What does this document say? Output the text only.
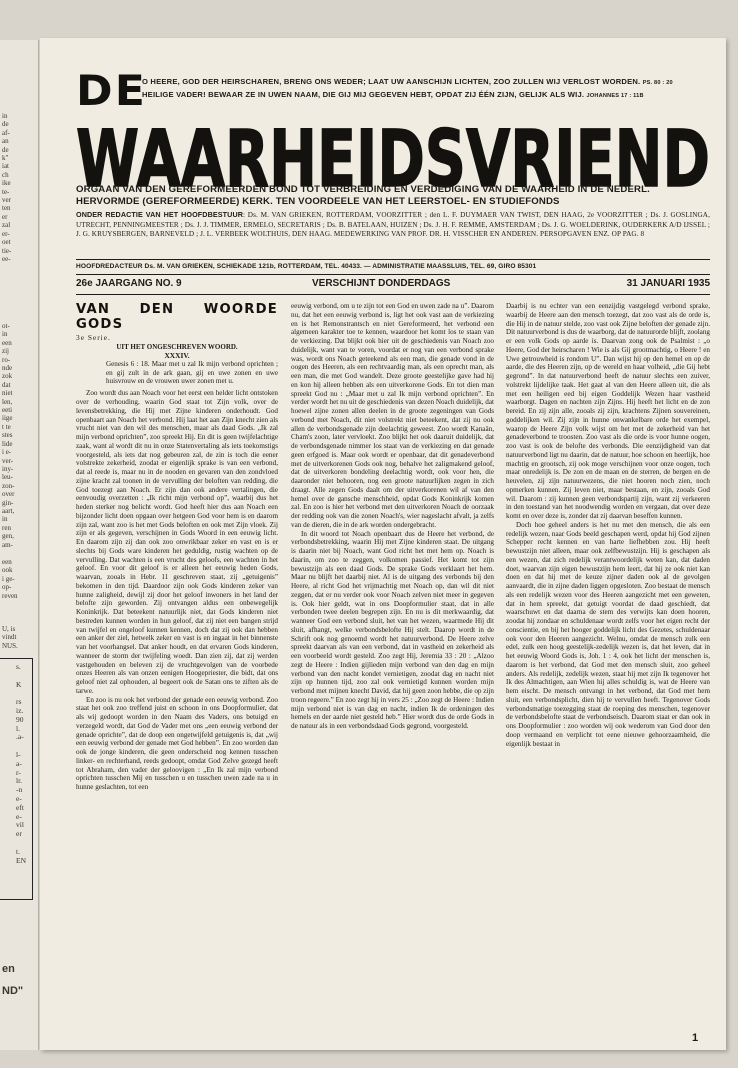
in
de
af-
an
de
k"
iat
ch
ike
te-
ver
ten
er
zal
er-
oet
tie-
ee-
ot-
in
een
zij
ro-
nde
zok
dat
niet
len,
eeti
iige
t te
stes
lide
i e-
ver-
iny-
leu-
zon-
over
gin-
aart,
in
ren
gen,
am-
een
ook
i ge-
op-
reven
U, is
vindt
NUS.
s.

K

rs
iz.
90
l.
.a-

l-
a-
r-
lr.
-n
e-
eft
e-
vil
er

t.
EN
en
ND"
DE
O HEERE, GOD DER HEIRSCHAREN, BRENG ONS WEDER; LAAT UW AANSCHIJN LICHTEN, ZOO ZULLEN WIJ VERLOST WORDEN. PS. 80 : 20
HEILIGE VADER! BEWAAR ZE IN UWEN NAAM, DIE GIJ MIJ GEGEVEN HEBT, OPDAT ZIJ ÉÉN ZIJN, GELIJK ALS WIJ. JOHANNES 17 : 11B
WAARHEIDSVRIEND
ORGAAN VAN DEN GEREFORMEERDEN BOND TOT VERBREIDING EN VERDEDIGING VAN DE WAARHEID IN DE NEDERL. HERVORMDE (GEREFORMEERDE) KERK. TEN VOORDEELE VAN HET LEERSTOEL- EN STUDIEFONDS
ONDER REDACTIE VAN HET HOOFDBESTUUR: Ds. M. VAN GRIEKEN, ROTTERDAM, VOORZITTER ; den L. F. DUYMAER VAN TWIST, DEN HAAG, 2e VOORZITTER ; Ds. J. GOSLINGA, UTRECHT, PENNINGMEESTER ; Ds. J. J. TIMMER, ERMELO, SECRETARIS ; Ds. B. BATELAAN, HUIZEN ; Ds. J. H. F. REMME, AMSTERDAM ; Ds. J. G. WOELDERINK, OUDERKERK A/D IJSSEL ; J. G. KRUYSBERGEN, BARNEVELD ; J. L. VERBEEK WOLTHUIS, DEN HAAG. MEDEWERKING VAN PROF. DR. H. VISSCHER EN ANDEREN. PERSOPGAVEN ENZ. OP PAG. 8
HOOFDREDACTEUR Ds. M. VAN GRIEKEN, SCHIEKADE 121b, ROTTERDAM, TEL. 40433. — ADMINISTRATIE MAASSLUIS, TEL. 69, GIRO 85301
26e JAARGANG NO. 9	VERSCHIJNT DONDERDAGS	31 JANUARI 1935
VAN DEN WOORDE GODS
3e Serie.
UIT HET ONGESCHREVEN WOORD.
XXXIV.

Genesis 6 : 18. Maar met u zal Ik mijn verbond oprichten ; en gij zult in de ark gaan, gij en uwe zonen en uwe huisvrouw en de vrouwen uwer zonen met u.

Zoo wordt dus aan Noach voor het eerst een helder licht ontstoken over de verhouding, waarin God staat tot Zijn volk, over de levensbetrekking, die Hij met Zijne kinderen onderhoudt. God openbaart aan Noach het verbond. Hij laat het aan Zijn knecht zien als vrucht niet van den wil des menschen, maar als daad Gods. „Ik zal mijn verbond oprichten”, zoo spreekt Hij. En dit is geen twijfelachtige zaak, want al wordt dit nu in onze Statenvertaling als iets toekomstigs voorgesteld, als iets dat nog gebeuren zal, de zin is toch die eener volstrekte zekerheid, zoodat er eigenlijk sprake is van een verbond, dat al reede is, maar nu in de nooden en gevaren van den zondvloed zijne kracht zal toonen in de vervulling der beloften van redding, die God toezegt aan Noach. Er zijn dan ook andere vertalingen, die eenvoudig overzetten : „Ik richt mijn verbond op”, waarbij dus het heden sterker nog belicht wordt. God heeft hier dus aan Noach een bijzonder licht doen opgaan over hetgeen God voor hem is en daarom zijn zal, want zoo is het met Gods beloften en ook met Zijn vloek. Zij zijn er als gegeven, verschijnen in Gods Woord in een eeuwig licht. En daarom zijn zij dan ook zoo onwrikbaar zeker en vast en is er slechts bij Gods ware kinderen het geduldig, rustig wachten op de vervulling. Dat wachten is een vrucht des geloofs, een wachten in het geloof. En voor dit geloof is er alleen het eeuwig heden Gods, waarvan, zooals in Hebr. 11 geschreven staat, zij „getuigenis” bekomen in den tijd. Daardoor zijn ook Gods kinderen zeker van hunne zaligheid, dewijl zij door het geloof inwoners in het land der belofte zijn geworden. Zij ontvangen aldus een onbewegelijk Koninkrijk. Dat beteekent natuurlijk niet, dat Gods kinderen niet bestreden kunnen worden in hun geloof, dat zij niet een bangen strijd van twijfel en ongeloof kunnen kennen, doch dat zij ook dan hebben een anker der ziel, hetwelk zeker en vast is en ingaat in het binnenste van het voorhangsel. Dat anker houdt, en dat ervaren Gods kinderen, wanneer de storm der twijfeling woedt. Dan zien zij, dat zij werden vastgehouden en beleven zij de vruchtgevolgen van de voorbede onzes Heeren als van onzen eenigen Hoogepriester, die bidt, dat ons geloof niet zal ophouden, al begeert ook de Satan ons te ziften als de tarwe.

En zoo is nu ook het verbond der genade een eeuwig verbond. Zoo staat het ook zoo treffend juist en schoon in ons Doopformulier, dat als wij gedoopt worden in den Naam des Vaders, ons betuigd en verzegeld wordt, dat God de Vader met ons „een eeuwig verbond der genade oprichte”, dat de doop een ongetwijfeld getuigenis is, dat „wij een eeuwig verbond der genade met God hebben”. En zoo worden dan ook de jonge kinderen, die geen onderscheid nog kennen tusschen linker- en rechterhand, reeds gedoopt, omdat God Zelve gezegd heeft tot Abraham, den vader der geloovigen : „En Ik zal mijn verbond oprichten tusschen Mij en tusschen u en tusschen uwen zade na u in hunne geslachten, tot een

eeuwig verbond, om u te zijn tot een God en uwen zade na u”. Daarom nu, dat het een eeuwig verbond is, ligt het ook vast aan de verkiezing en is het Remonstrantsch en niet Gereformeerd, het verbond een algemeen karakter toe te kennen, waardoor het komt los te staan van de verkiezing. Dat blijkt ook hier uit de geschiedenis van Noach zoo duidelijk, want van te voren, voordat er nog van een verbond sprake was, wordt ons Noach geteekend als een man, die genade vond in de oogen des Heeren, als een rechtvaardig man, als een oprecht man, als een man, die met God wandelt. Deze groote geestelijke gave had hij en kon hij alleen hebben als een uitverkorene Gods. En tot dien man spreekt God nu : „Maar met u zal Ik mijn verbond oprichten”. En verder wordt het nu uit de geschiedenis van dezen Noach duidelijk, dat hoewel zijne zonen allen deelen in de groote zegeningen van Gods verbond met Noach, dit niet volstrekt niet beteekent, dat zij nu ook allen de verbondsgenade zijn deelachtig geweest. Zoo wordt Kanaän, Cham's zoon, later vervloekt. Zoo blijkt het ook daaruit duidelijk, dat de verbondsgenade nimmer los staat van de verkiezing en dat genade geen erfgoed is. Maar ook wordt er openbaar, dat dit genadeverbond met de uitverkorenen Gods ook nog, behalve het zaligmakend geloof, dat de uitverkoren bondeling deelachtig wordt, ook voor hen, die daaronder niet behooren, nog een groote natuurlijken zegen in zich draagt. Alle zegen Gods daalt om der uitverkorenen wil af van den hemel over de gansche menschheid, opdat Gods Koninkrijk komen zal. En zoo is hier het verbond met den uitverkoren Noach de oorzaak der redding ook van die zonen Noach's, wier nageslacht afvalt, ja zelfs van de dieren, die in de ark worden ondergebracht.

In dit woord tot Noach openbaart dus de Heere het verbond, de verbondsbetrekking, waarin Hij met Zijne kinderen staat. De uitgang is daarin niet bij Noach, want God richt het met hem op. Noach is daarin, om zoo te zeggen, volkomen passief. Het komt tot zijn bewustzijn als een daad Gods. De sprake Gods verklaart het hem. Maar nu blijft het daarbij niet. Al is de uitgang des verbonds bij den Heere, al richt God het vrijmachtig met Noach op, dan wil dit niet zeggen, dat er nu verder ook voor Noach zelven niet meer in gegeven is. Ook hier geldt, wat in ons Doopformulier staat, dat in alle verbonden twee deelen begrepen zijn. En nu is dit merkwaardig, dat wanneer God een verbond sluit, het van het wezen, waarmede Hij dit sluit, afhangt, welke verbondsbelofte Hij stelt. Daarop wordt in de Schrift ook nog genoemd wordt het natuurverbond. De Heere zelve spreekt daarvan als van een verbond, dat in vastheid en zekerheid als een voorbeeld wordt gesteld. Zoo zegt Hij, Jeremia 33 : 20 : „Alzoo zegt de Heere : Indien gijlieden mijn verbond van den dag en mijn verbond van den nacht kondet vernietigen, zoodat dag en nacht niet zijn op hunnen tijd, zoo zal ook vernietigd kunnen worden mijn verbond met mijnen knecht David, dat hij geen zoon hebbe, die op zijn troon regeere.” En zoo zegt hij in vers 25 : „Zoo zegt de Heere : Indien mijn verbond niet is van dag en nacht, indien Ik de ordeningen des hemels en der aarde niet gesteld heb.” Hier wordt dus de orde Gods in de natuur als in een verbondsdaad Gods gegrond, voorgesteld.

Daarbij is nu echter van een eenzijdig vastgelegd verbond sprake, waarbij de Heere aan den mensch toezegt, dat zoo vast als de orde is, die Hij in de natuur stelde, zoo vast ook Zijne beloften der genade zijn. Dit natuurverbond is dus de waarborg, dat de natuurorde blijft, zoolang er een volk Gods op aarde is. Daarvan zong ook de Psalmist : „o Heere, God der heirscharen ! Wie is als Gij grootmachtig, o Heere ! en Uwe getrouwheid is rondom U”. Dan wijst hij op den hemel en op de aarde, die des Heeren zijn, op de wereld en haar volheid, „die Gij hebt gegrond”. In dat natuurverbond heeft de natuur slechts een zuiver, volstrekt lijdelijke taak. Het gaat al van den Heere alleen uit, die als met een heiligen eed bij eigen Goddelijk Wezen haar vastheid waarborgt. Dagen en nachten zijn Zijns. Hij heeft het licht en de zon bereid. En zij zijn alle, zooals zij zijn, krachtens Zijnen souvereinen, goddelijken wil. Zij zijn in hunne onwankelbare orde het exempel, waarop de Heere Zijn volk wijst om het met de zekerheid van het genadeverbond te troosten. Zoo vast als die orde is voor hunne oogen, zoo vast is ook de belofte des verbonds. Die eenzijdigheid van dat natuurverbond ligt nu daarin, dat de natuur, hoe schoon en heerlijk, hoe machtig en grootsch, zij ook moge verschijnen voor onze oogen, toch maar onredelijk is. De zon en de maan en de sterren, de bergen en de heuvelen, zij zijn natuurwezens, die niet hooren noch zien, noch opmerken kunnen. Zij leven niet, maar bestaan, en zijn, zooals God wil. Daarom : zij kunnen geen verbondspartij zijn, want zij verkeeren in den toestand van het noodwendig worden en vergaan, dat over deze komt en over deze is, zonder dat zij daarvan beseffen kunnen.

Doch hoe geheel anders is het nu met den mensch, die als een redelijk wezen, naar Gods beeld geschapen werd, opdat hij God zijnen Schepper recht kennen en van harte liefhebben zou. Hij heeft bewustzijn niet alleen, maar ook zelfbewustzijn. Hij is geschapen als een wezen, dat zich redelijk verantwoordelijk weten kan, dat daden doet, waarvan zijn eigen bewustzijn hem leert, dat hij ze ook niet kan doen en dat hij met de keuze zijner daden ook al de gevolgen aanvaardt, die in zijne daden liggen opgesloten. Zoo bestaat de mensch als een redelijk wezen voor des Heeren aangezicht met een geweten, dat in hem spreekt, dat getuigt voordat de daad geschiedt, dat waarschuwt en dat daarna de stem des verwijts kan doen hooren, zoodat hij zondaar en schuldenaar wordt zelfs voor het eigen recht der conscientie, en bij het hooger goddelijk licht des Gezetes, schuldenaar ook voor den Heeren aangezicht. Welnu, omdat de mensch zulk een edel, zulk een hoog geestelijk-zedelijk wezen is, dat het leven, dat in het eeuwig Woord Gods is, Joh. 1 : 4, ook het licht der menschen is, daarom is het verbond, dat God met den mensch sluit, zoo geheel anders. Als redelijk, zedelijk wezen, staat hij met zijn Ik tegenover het Ik des Almachtigen, aan Wien hij alles schuldig is, wat de Heere van hem eischt. De mensch ontvangt in het verbond, dat God met hem sluit, een verbondsplicht, dien hij te vervullen heeft. Tegenover Gods verbondsmatige toezegging staat de roeping des menschen, tegenover de verbondsbelofte staat de verbondseisch. Daarom staat er dan ook in ons Doopformulier : zoo worden wij ook wederom van God door den doop vermaand en verplicht tot eene nieuwe gehoorzaamheid, die eigenlijk bestaat in

1
